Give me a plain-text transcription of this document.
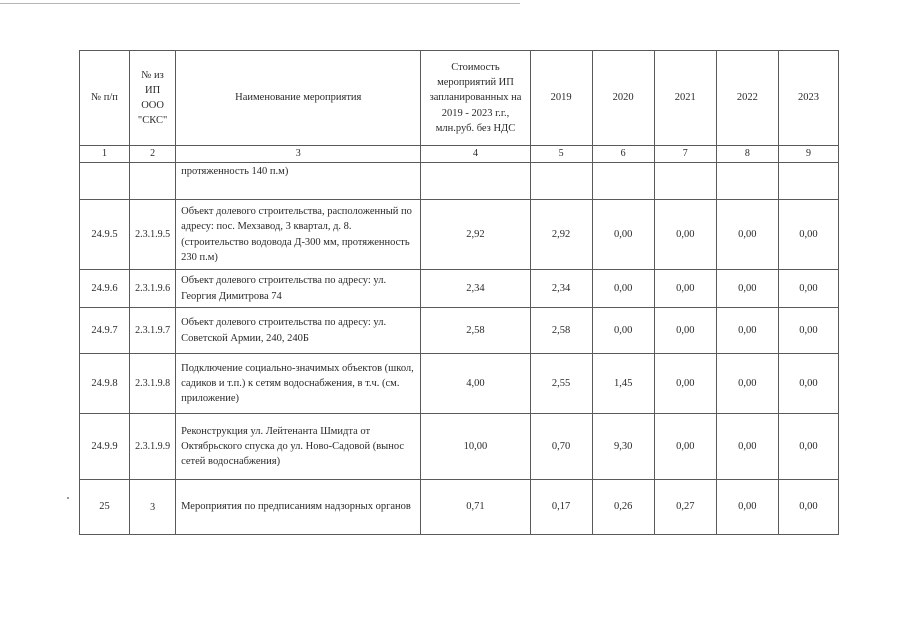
№ п/п	№ из ИП ООО "СКС"	Наименование мероприятия	Стоимость мероприятий ИП запланированных на 2019 - 2023 г.г., млн.руб. без НДС	2019	2020	2021	2022	2023
1	2	3	4	5	6	7	8	9
		протяженность 140 п.м)						
24.9.5	2.3.1.9.5	Объект долевого строительства, расположенный по адресу: пос. Мехзавод, 3 квартал, д. 8. (строительство водовода Д-300 мм, протяженность 230 п.м)	2,92	2,92	0,00	0,00	0,00	0,00
24.9.6	2.3.1.9.6	Объект долевого строительства по адресу: ул. Георгия Димитрова 74	2,34	2,34	0,00	0,00	0,00	0,00
24.9.7	2.3.1.9.7	Объект долевого строительства по адресу: ул. Советской Армии, 240, 240Б	2,58	2,58	0,00	0,00	0,00	0,00
24.9.8	2.3.1.9.8	Подключение социально-значимых объектов (школ, садиков и т.п.) к сетям водоснабжения, в т.ч. (см. приложение)	4,00	2,55	1,45	0,00	0,00	0,00
24.9.9	2.3.1.9.9	Реконструкция ул. Лейтенанта Шмидта от Октябрьского спуска до ул. Ново-Садовой (вынос сетей водоснабжения)	10,00	0,70	9,30	0,00	0,00	0,00
25	3	Мероприятия по предписаниям надзорных органов	0,71	0,17	0,26	0,27	0,00	0,00
